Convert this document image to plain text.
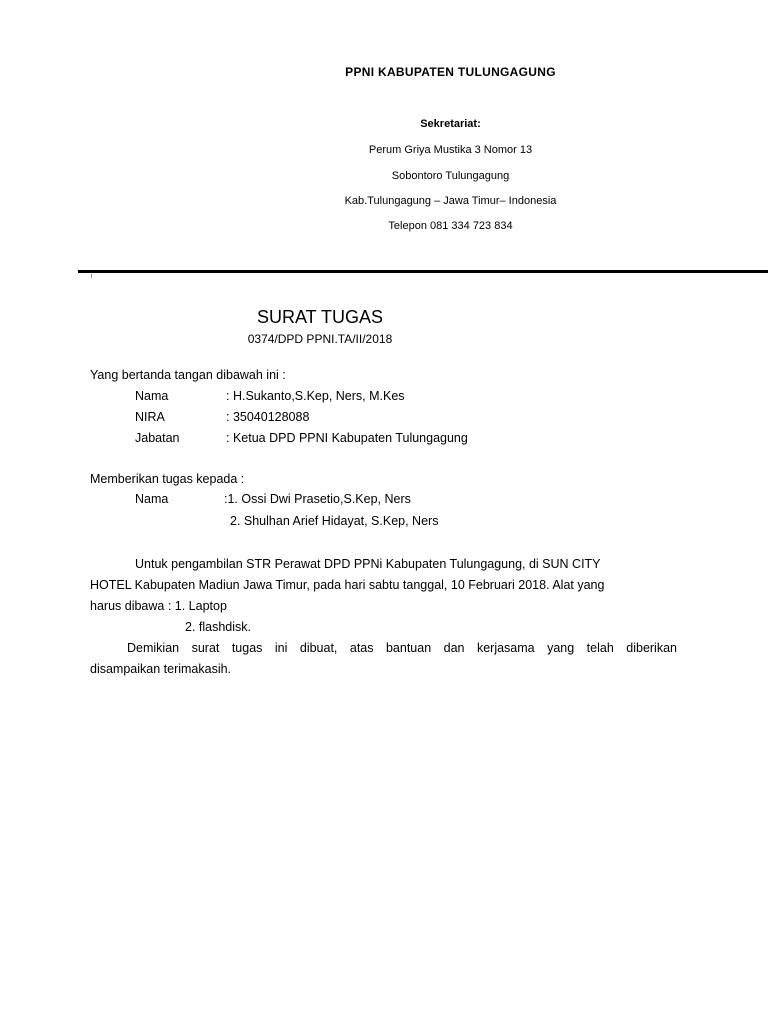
PPNI KABUPATEN TULUNGAGUNG
Sekretariat:
Perum Griya Mustika 3 Nomor 13
Sobontoro Tulungagung
Kab.Tulungagung – Jawa Timur– Indonesia
Telepon 081 334 723 834
SURAT TUGAS
0374/DPD PPNI.TA/II/2018
Yang bertanda tangan dibawah ini :
Nama	: H.Sukanto,S.Kep, Ners, M.Kes
NIRA	: 35040128088
Jabatan	: Ketua DPD PPNI Kabupaten Tulungagung
Memberikan tugas kepada :
Nama	:1. Ossi Dwi Prasetio,S.Kep, Ners
2. Shulhan Arief Hidayat, S.Kep, Ners
Untuk pengambilan STR Perawat DPD PPNi Kabupaten Tulungagung, di SUN CITY
HOTEL Kabupaten Madiun Jawa Timur, pada hari sabtu tanggal, 10 Februari 2018. Alat yang
harus dibawa : 1. Laptop
2. flashdisk.
Demikian surat tugas ini dibuat, atas bantuan dan kerjasama yang telah diberikan
disampaikan terimakasih.
